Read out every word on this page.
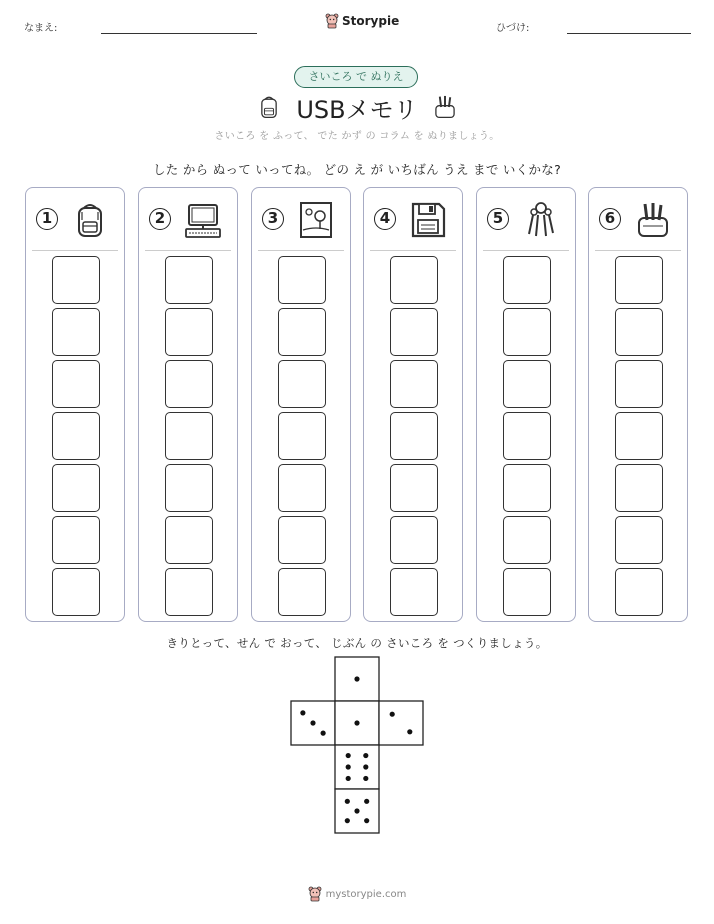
なまえ:
Storypie
ひづけ:
さいころ で ぬりえ
USBメモリ
さいころ を ふって、 でた かず の コラム を ぬりましょう。
した から ぬって いってね。 どの え が いちばん うえ まで いくかな?
1	2	3	4	5	6
きりとって、せん で おって、 じぶん の さいころ を つくりましょう。
mystorypie.com
